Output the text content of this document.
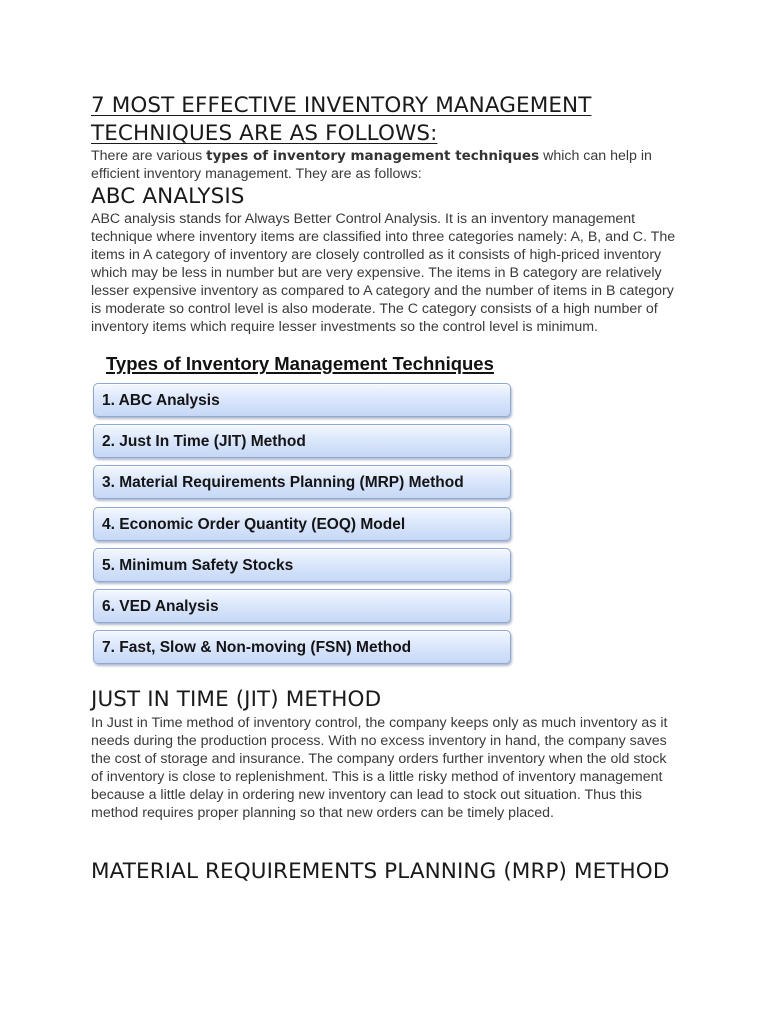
7 MOST EFFECTIVE INVENTORY MANAGEMENT TECHNIQUES ARE AS FOLLOWS:

There are various types of inventory management techniques which can help in efficient inventory management. They are as follows:

ABC ANALYSIS

ABC analysis stands for Always Better Control Analysis. It is an inventory management technique where inventory items are classified into three categories namely: A, B, and C. The items in A category of inventory are closely controlled as it consists of high-priced inventory which may be less in number but are very expensive. The items in B category are relatively lesser expensive inventory as compared to A category and the number of items in B category is moderate so control level is also moderate. The C category consists of a high number of inventory items which require lesser investments so the control level is minimum.

Types of Inventory Management Techniques
1. ABC Analysis
2. Just In Time (JIT) Method
3. Material Requirements Planning (MRP) Method
4. Economic Order Quantity (EOQ) Model
5. Minimum Safety Stocks
6. VED Analysis
7. Fast, Slow & Non-moving (FSN) Method
JUST IN TIME (JIT) METHOD

In Just in Time method of inventory control, the company keeps only as much inventory as it needs during the production process. With no excess inventory in hand, the company saves the cost of storage and insurance. The company orders further inventory when the old stock of inventory is close to replenishment. This is a little risky method of inventory management because a little delay in ordering new inventory can lead to stock out situation. Thus this method requires proper planning so that new orders can be timely placed.

MATERIAL REQUIREMENTS PLANNING (MRP) METHOD
